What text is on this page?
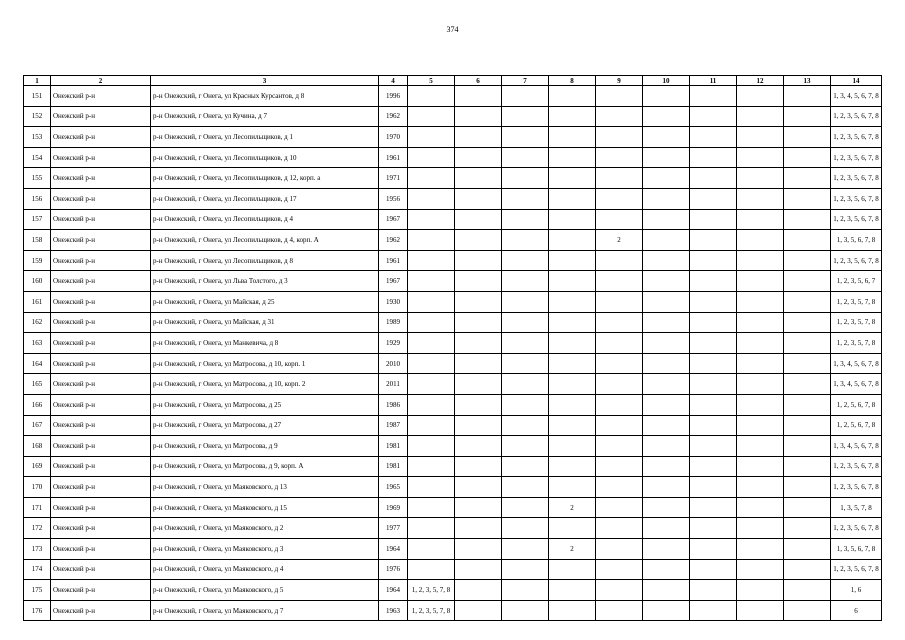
374
1	2	3	4	5	6	7	8	9	10	11	12	13	14
151	Онежский р-н	р-н Онежский, г Онега, ул Красных Курсантов, д 8	1996										1, 3, 4, 5, 6, 7, 8
152	Онежский р-н	р-н Онежский, г Онега, ул Кучина, д 7	1962										1, 2, 3, 5, 6, 7, 8
153	Онежский р-н	р-н Онежский, г Онега, ул Лесопильщиков, д 1	1970										1, 2, 3, 5, 6, 7, 8
154	Онежский р-н	р-н Онежский, г Онега, ул Лесопильщиков, д 10	1961										1, 2, 3, 5, 6, 7, 8
155	Онежский р-н	р-н Онежский, г Онега, ул Лесопильщиков, д 12, корп. а	1971										1, 2, 3, 5, 6, 7, 8
156	Онежский р-н	р-н Онежский, г Онега, ул Лесопильщиков, д 17	1956										1, 2, 3, 5, 6, 7, 8
157	Онежский р-н	р-н Онежский, г Онега, ул Лесопильщиков, д 4	1967										1, 2, 3, 5, 6, 7, 8
158	Онежский р-н	р-н Онежский, г Онега, ул Лесопильщиков, д 4, корп. А	1962					2					1, 3, 5, 6, 7, 8
159	Онежский р-н	р-н Онежский, г Онега, ул Лесопильщиков, д 8	1961										1, 2, 3, 5, 6, 7, 8
160	Онежский р-н	р-н Онежский, г Онега, ул Льва Толстого, д 3	1967										1, 2, 3, 5, 6, 7
161	Онежский р-н	р-н Онежский, г Онега, ул Майская, д 25	1930										1, 2, 3, 5, 7, 8
162	Онежский р-н	р-н Онежский, г Онега, ул Майская, д 31	1989										1, 2, 3, 5, 7, 8
163	Онежский р-н	р-н Онежский, г Онега, ул Манкевича, д 8	1929										1, 2, 3, 5, 7, 8
164	Онежский р-н	р-н Онежский, г Онега, ул Матросова, д 10, корп. 1	2010										1, 3, 4, 5, 6, 7, 8
165	Онежский р-н	р-н Онежский, г Онега, ул Матросова, д 10, корп. 2	2011										1, 3, 4, 5, 6, 7, 8
166	Онежский р-н	р-н Онежский, г Онега, ул Матросова, д 25	1986										1, 2, 5, 6, 7, 8
167	Онежский р-н	р-н Онежский, г Онега, ул Матросова, д 27	1987										1, 2, 5, 6, 7, 8
168	Онежский р-н	р-н Онежский, г Онега, ул Матросова, д 9	1981										1, 3, 4, 5, 6, 7, 8
169	Онежский р-н	р-н Онежский, г Онега, ул Матросова, д 9, корп. А	1981										1, 2, 3, 5, 6, 7, 8
170	Онежский р-н	р-н Онежский, г Онега, ул Маяковского, д 13	1965										1, 2, 3, 5, 6, 7, 8
171	Онежский р-н	р-н Онежский, г Онега, ул Маяковского, д 15	1969				2						1, 3, 5, 7, 8
172	Онежский р-н	р-н Онежский, г Онега, ул Маяковского, д 2	1977										1, 2, 3, 5, 6, 7, 8
173	Онежский р-н	р-н Онежский, г Онега, ул Маяковского, д 3	1964				2						1, 3, 5, 6, 7, 8
174	Онежский р-н	р-н Онежский, г Онега, ул Маяковского, д 4	1976										1, 2, 3, 5, 6, 7, 8
175	Онежский р-н	р-н Онежский, г Онега, ул Маяковского, д 5	1964	1, 2, 3, 5, 7, 8									1, 6
176	Онежский р-н	р-н Онежский, г Онега, ул Маяковского, д 7	1963	1, 2, 3, 5, 7, 8									6
